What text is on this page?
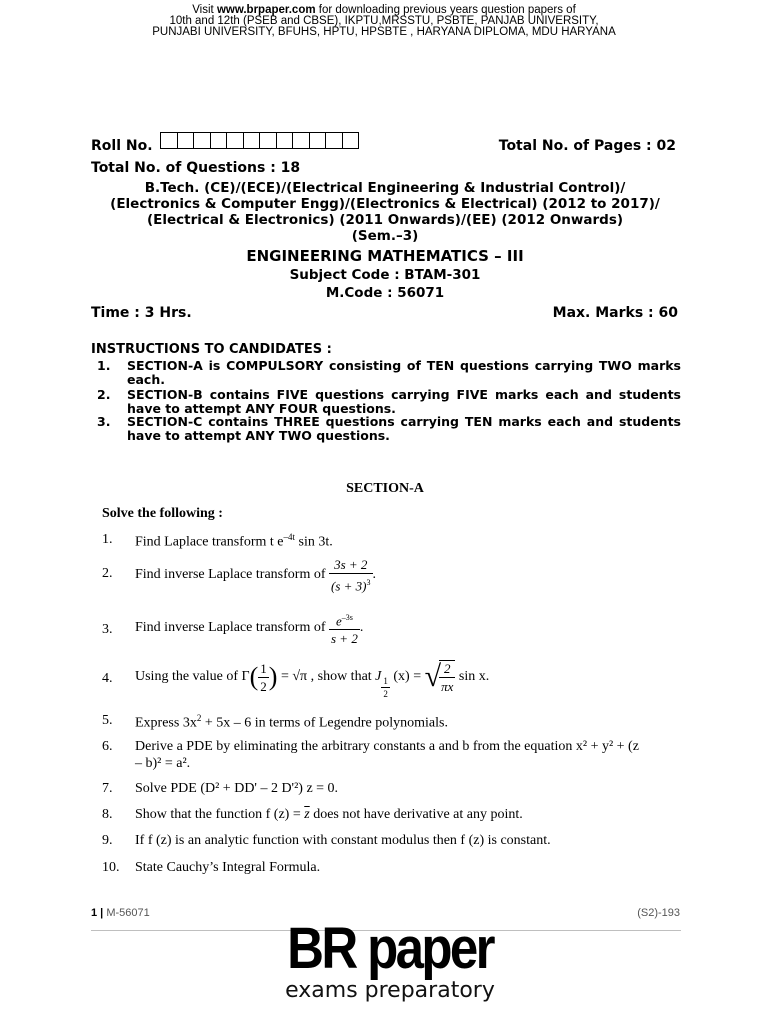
Visit www.brpaper.com for downloading previous years question papers of
10th and 12th (PSEB and CBSE), IKPTU,MRSSTU, PSBTE, PANJAB UNIVERSITY,
PUNJABI UNIVERSITY, BFUHS, HPTU, HPSBTE , HARYANA DIPLOMA, MDU HARYANA
Roll No.	Total No. of Pages : 02
Total No. of Questions : 18
B.Tech. (CE)/(ECE)/(Electrical Engineering & Industrial Control)/
(Electronics & Computer Engg)/(Electronics & Electrical) (2012 to 2017)/
(Electrical & Electronics) (2011 Onwards)/(EE) (2012 Onwards)
(Sem.–3)
ENGINEERING MATHEMATICS – III
Subject Code : BTAM-301
M.Code : 56071
Time : 3 Hrs.	Max. Marks : 60
INSTRUCTIONS TO CANDIDATES :
1. SECTION-A is COMPULSORY consisting of TEN questions carrying TWO marks each.
2. SECTION-B contains FIVE questions carrying FIVE marks each and students have to attempt ANY FOUR questions.
3. SECTION-C contains THREE questions carrying TEN marks each and students have to attempt ANY TWO questions.
SECTION-A
Solve the following :
1. Find Laplace transform t $e^{-4t}$ sin 3t.
2. Find inverse Laplace transform of $\frac{3s + 2}{(s + 3)^3}$ .
3. Find inverse Laplace transform of $\frac{e^{-3s}}{s + 2}$ .
4. Using the value of $\Gamma( \frac{1}{2}$ ) = √π , show that J $\frac{1}{2} (x)$ = √
$\frac{2}{\pi x}$ sin x.
5. Express $3x^2 + 5x - 6$ in terms of Legendre polynomials.
6. Derive a PDE by eliminating the arbitrary constants a and b from the equation x² + y² + (z
– b)² = a².
7. Solve PDE (D² + DD' – 2 D'²) z = 0.
8. Show that the function f $(z) = \overline{z}$ does not have derivative at any point.
9. If f (z) is an analytic function with constant modulus then f (z) is constant.
10. State Cauchy’s Integral Formula.
1 | M-56071	(S2)-193
BR paper
exams preparatory
